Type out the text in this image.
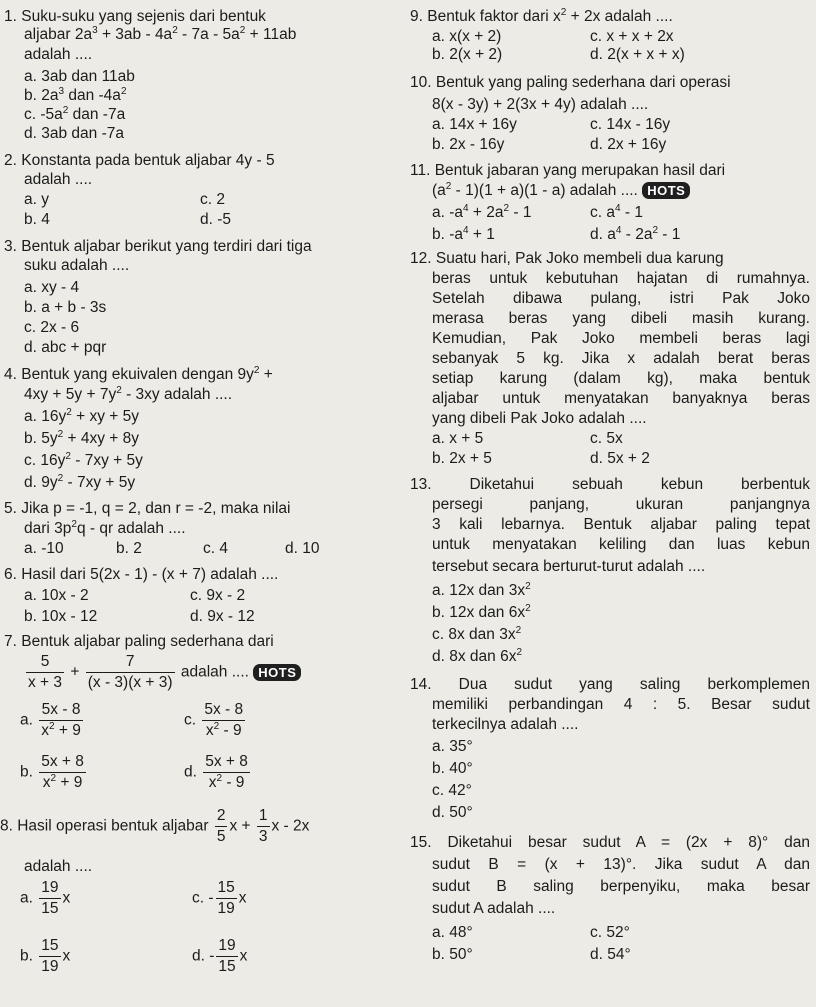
1. Suku-suku yang sejenis dari bentuk
aljabar $2a^3 + 3ab - 4a^2 - 7a - 5a^2 + 11ab$
adalah ....
a. 3ab dan 11ab
b. $2a^3$ dan $-4a^2$
c. $-5a^2$ dan -7a
d. 3ab dan -7a
2. Konstanta pada bentuk aljabar 4y - 5
adalah ....
a. y	c. 2
b. 4	d. -5
3. Bentuk aljabar berikut yang terdiri dari tiga
suku adalah ....
a. xy - 4
b. a + b - 3s
c. 2x - 6
d. abc + pqr
4. Bentuk yang ekuivalen dengan $9y^2$ +
$4xy + 5y + 7y^2 - 3xy$ adalah ....
a. $16y^2$ + xy + 5y
b. $5y^2 + 4xy + 8y$
c. $16y^2 - 7xy + 5y$
d. $9y^2 - 7xy + 5y$
5. Jika p = -1, q = 2, dan r = -2, maka nilai
dari $3p^2q$ - qr adalah ....
a. -10	b. 2	c. 4	d. 10
6. Hasil dari 5(2x - 1) - (x + 7) adalah ....
a. 10x - 2	c. 9x - 2
b. 10x - 12	d. 9x - 12
7. Bentuk aljabar paling sederhana dari
$\frac{5}{x + 3} + \frac{7}{(x - 3)(x + 3)}$ adalah .... HOTS
a. $\frac{5x - 8}{x^2 + 9}$	c. $\frac{5x - 8}{x^2 - 9}$
b. $\frac{5x + 8}{x^2 + 9}$	d. $\frac{5x + 8}{x^2 - 9}$
8. Hasil operasi bentuk aljabar $\frac{2}{5}$ $x + \frac{1}{3}$ x - 2x
adalah ....
a. $\frac{19}{15}$ x	c. - $\frac{15}{19}$ x
b. $\frac{15}{19}$ x	d. - $\frac{19}{15}$ x
9. Bentuk faktor dari $x^2 + 2x$ adalah ....
a. x(x + 2)	c. x + x + 2x
b. 2(x + 2)	d. 2(x + x + x)
10. Bentuk yang paling sederhana dari operasi
8(x - 3y) + 2(3x + 4y) adalah ....
a. 14x + 16y	c. 14x - 16y
b. 2x - 16y	d. 2x + 16y
11. Bentuk jabaran yang merupakan hasil dari
$(a^2 - 1)(1 + a)(1 - a)$ adalah .... HOTS
a. $-a^4 + 2a^2 - 1$	c. $a^4 - 1$
b. $-a^4 + 1$	d. $a^4 - 2a^2 - 1$
12. Suatu hari, Pak Joko membeli dua karung
beras untuk kebutuhan hajatan di rumahnya.
Setelah dibawa pulang, istri Pak Joko
merasa beras yang dibeli masih kurang.
Kemudian, Pak Joko membeli beras lagi
sebanyak 5 kg. Jika x adalah berat beras
setiap karung (dalam kg), maka bentuk
aljabar untuk menyatakan banyaknya beras
yang dibeli Pak Joko adalah ....
a. x + 5	c. 5x
b. 2x + 5	d. 5x + 2
13. Diketahui sebuah kebun berbentuk
persegi panjang, ukuran panjangnya
3 kali lebarnya. Bentuk aljabar paling tepat
untuk menyatakan keliling dan luas kebun
tersebut secara berturut-turut adalah ....
a. 12x dan $3x^2$
b. 12x dan $6x^2$
c. 8x dan $3x^2$
d. 8x dan $6x^2$
14. Dua sudut yang saling berkomplemen
memiliki perbandingan 4 : 5. Besar sudut
terkecilnya adalah ....
a. 35°
b. 40°
c. 42°
d. 50°
15. Diketahui besar sudut A = (2x + 8)° dan
sudut B = (x + 13)°. Jika sudut A dan
sudut B saling berpenyiku, maka besar
sudut A adalah ....
a. 48°	c. 52°
b. 50°	d. 54°
